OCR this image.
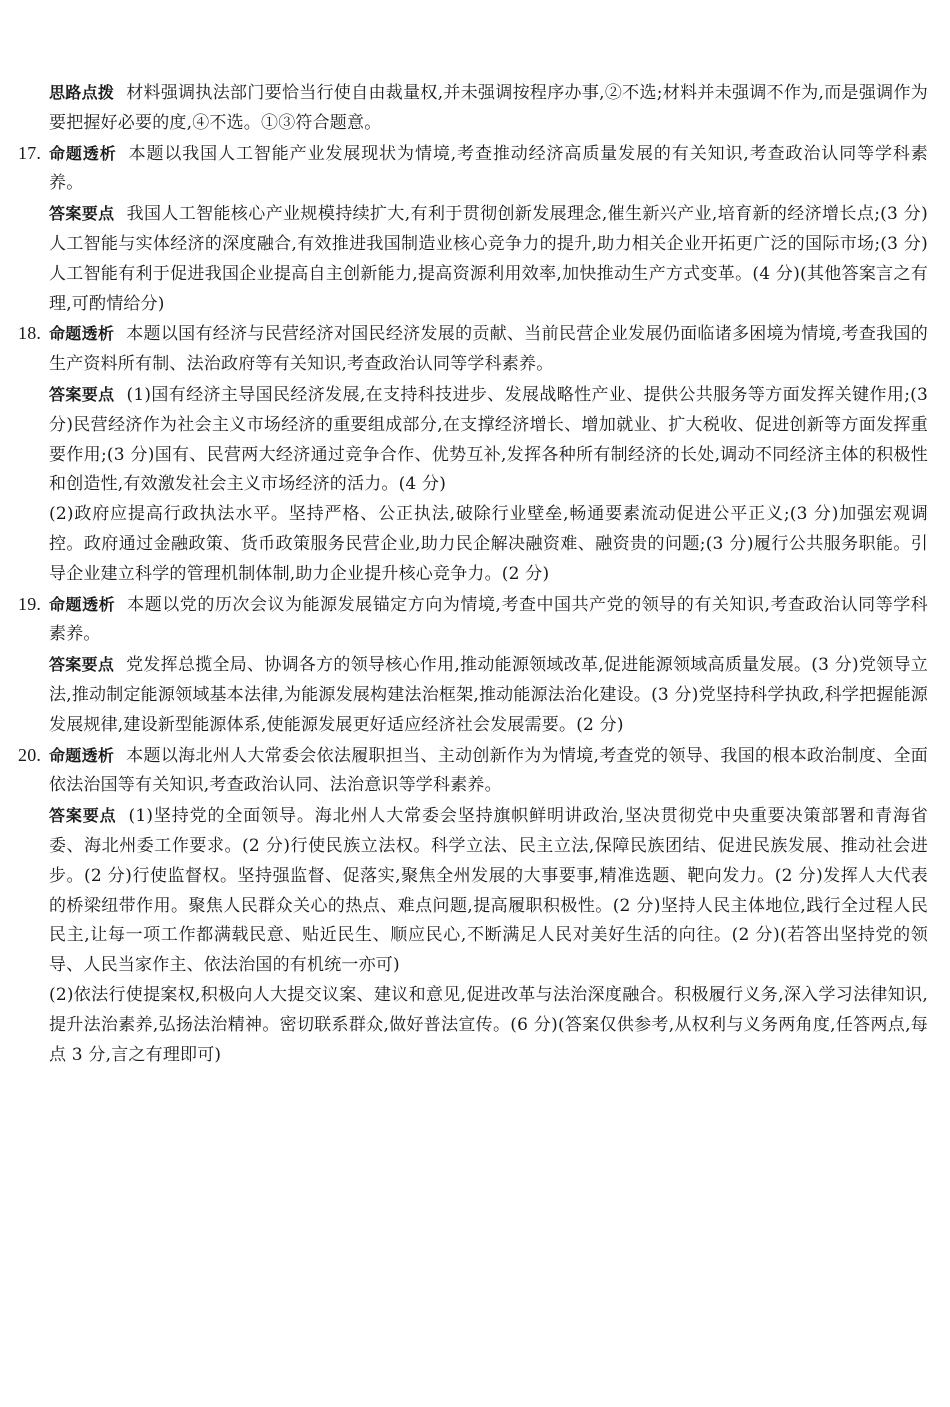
思路点拨 材料强调执法部门要恰当行使自由裁量权,并未强调按程序办事,②不选;材料并未强调不作为,而是强调作为要把握好必要的度,④不选。①③符合题意。

17. 命题透析 本题以我国人工智能产业发展现状为情境,考查推动经济高质量发展的有关知识,考查政治认同等学科素养。

答案要点 我国人工智能核心产业规模持续扩大,有利于贯彻创新发展理念,催生新兴产业,培育新的经济增长点;(3 分)人工智能与实体经济的深度融合,有效推进我国制造业核心竞争力的提升,助力相关企业开拓更广泛的国际市场;(3 分)人工智能有利于促进我国企业提高自主创新能力,提高资源利用效率,加快推动生产方式变革。(4 分)(其他答案言之有理,可酌情给分)

18. 命题透析 本题以国有经济与民营经济对国民经济发展的贡献、当前民营企业发展仍面临诸多困境为情境,考查我国的生产资料所有制、法治政府等有关知识,考查政治认同等学科素养。

答案要点 (1)国有经济主导国民经济发展,在支持科技进步、发展战略性产业、提供公共服务等方面发挥关键作用;(3 分)民营经济作为社会主义市场经济的重要组成部分,在支撑经济增长、增加就业、扩大税收、促进创新等方面发挥重要作用;(3 分)国有、民营两大经济通过竞争合作、优势互补,发挥各种所有制经济的长处,调动不同经济主体的积极性和创造性,有效激发社会主义市场经济的活力。(4 分)

(2)政府应提高行政执法水平。坚持严格、公正执法,破除行业壁垒,畅通要素流动促进公平正义;(3 分)加强宏观调控。政府通过金融政策、货币政策服务民营企业,助力民企解决融资难、融资贵的问题;(3 分)履行公共服务职能。引导企业建立科学的管理机制体制,助力企业提升核心竞争力。(2 分)

19. 命题透析 本题以党的历次会议为能源发展锚定方向为情境,考查中国共产党的领导的有关知识,考查政治认同等学科素养。

答案要点 党发挥总揽全局、协调各方的领导核心作用,推动能源领域改革,促进能源领域高质量发展。(3 分)党领导立法,推动制定能源领域基本法律,为能源发展构建法治框架,推动能源法治化建设。(3 分)党坚持科学执政,科学把握能源发展规律,建设新型能源体系,使能源发展更好适应经济社会发展需要。(2 分)

20. 命题透析 本题以海北州人大常委会依法履职担当、主动创新作为为情境,考查党的领导、我国的根本政治制度、全面依法治国等有关知识,考查政治认同、法治意识等学科素养。

答案要点 (1)坚持党的全面领导。海北州人大常委会坚持旗帜鲜明讲政治,坚决贯彻党中央重要决策部署和青海省委、海北州委工作要求。(2 分)行使民族立法权。科学立法、民主立法,保障民族团结、促进民族发展、推动社会进步。(2 分)行使监督权。坚持强监督、促落实,聚焦全州发展的大事要事,精准选题、靶向发力。(2 分)发挥人大代表的桥梁纽带作用。聚焦人民群众关心的热点、难点问题,提高履职积极性。(2 分)坚持人民主体地位,践行全过程人民民主,让每一项工作都满载民意、贴近民生、顺应民心,不断满足人民对美好生活的向往。(2 分)(若答出坚持党的领导、人民当家作主、依法治国的有机统一亦可)

(2)依法行使提案权,积极向人大提交议案、建议和意见,促进改革与法治深度融合。积极履行义务,深入学习法律知识,提升法治素养,弘扬法治精神。密切联系群众,做好普法宣传。(6 分)(答案仅供参考,从权利与义务两角度,任答两点,每点 3 分,言之有理即可)
